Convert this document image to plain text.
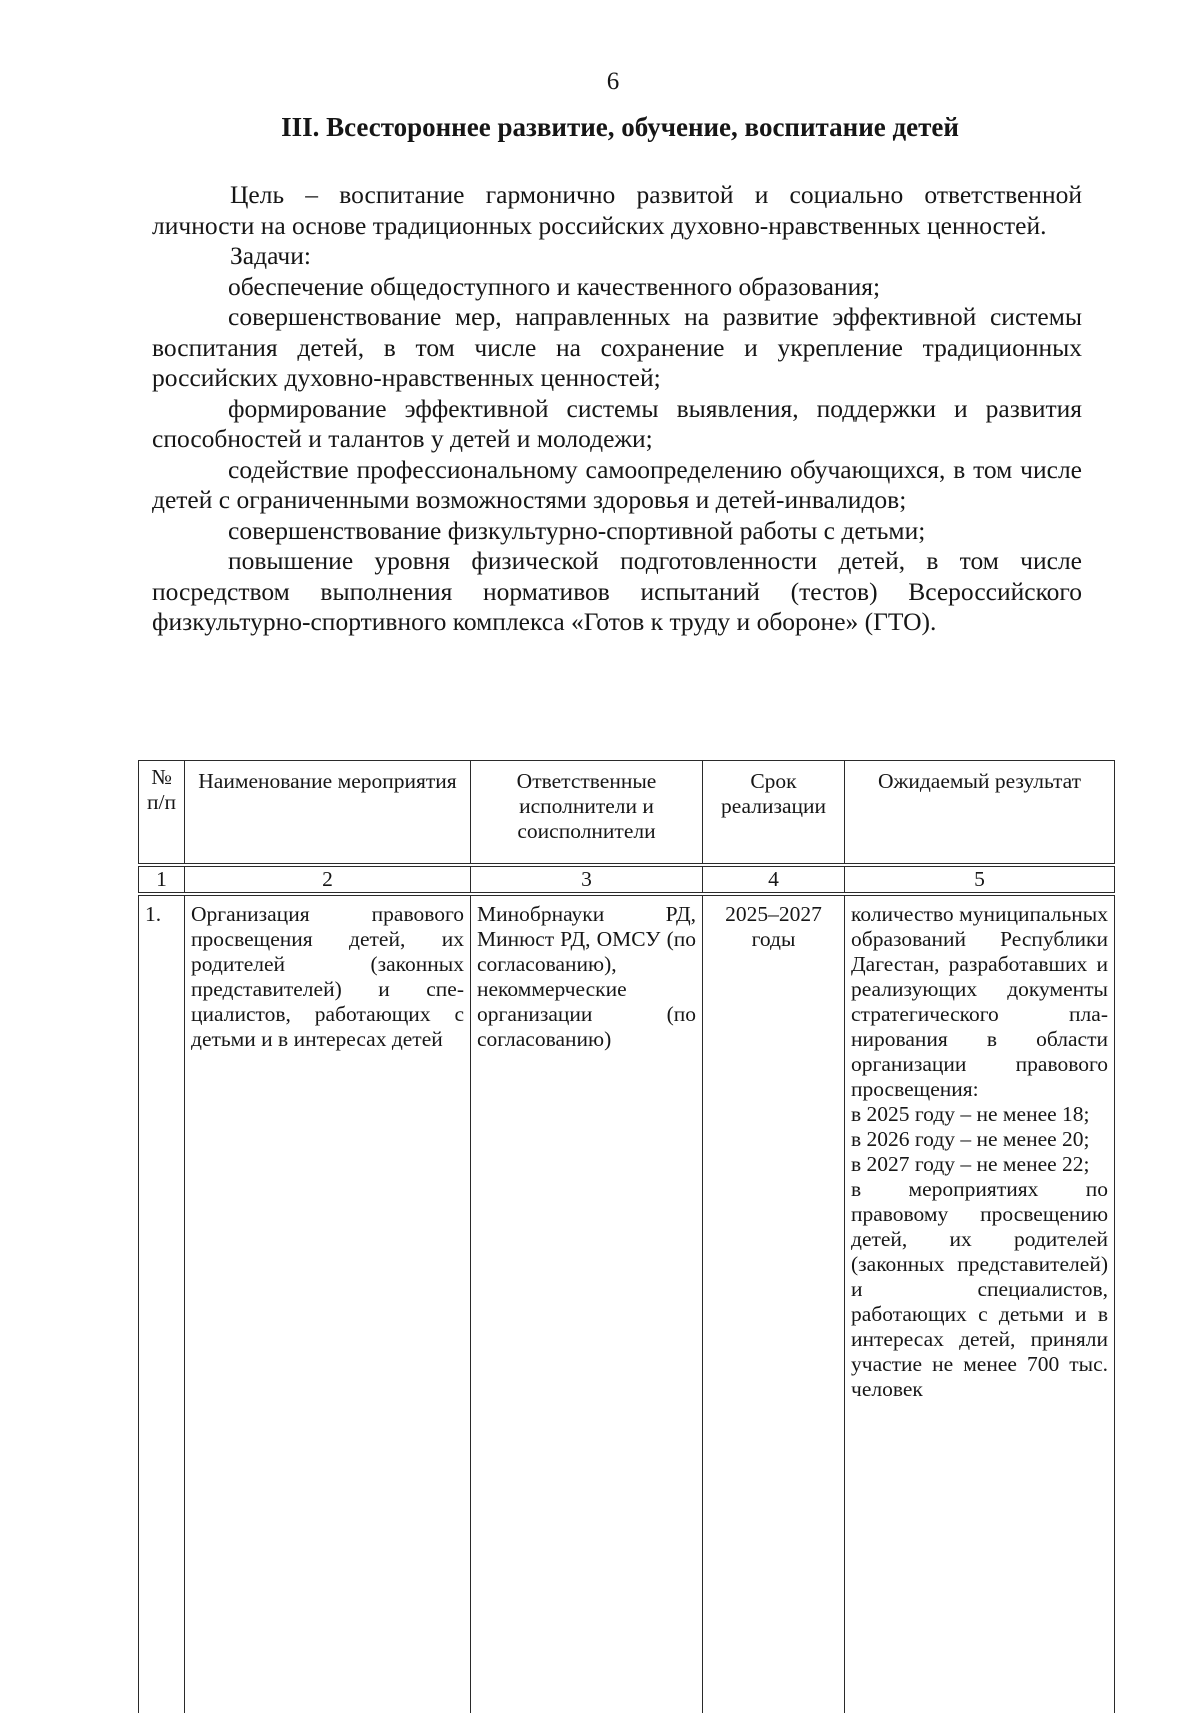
6
III. Всестороннее развитие, обучение, воспитание детей

Цель – воспитание гармонично развитой и социально ответственной личности на основе традиционных российских духовно-нравственных ценностей.

Задачи:

обеспечение общедоступного и качественного образования;

совершенствование мер, направленных на развитие эффективной системы воспитания детей, в том числе на сохранение и укрепление традиционных российских духовно-нравственных ценностей;

формирование эффективной системы выявления, поддержки и развития способностей и талантов у детей и молодежи;

содействие профессиональному самоопределению обучающихся, в том числе детей с ограниченными возможностями здоровья и детей-инвалидов;

совершенствование физкультурно-спортивной работы с детьми;

повышение уровня физической подготовленности детей, в том числе посредством выполнения нормативов испытаний (тестов) Всероссийского физкультурно-спортивного комплекса «Готов к труду и обороне» (ГТО).

№ п/п	Наименование мероприятия	Ответственные исполнители и соисполнители	Срок реализации	Ожидаемый результат
1	2	3	4	5
1.	Организация правового просвещения детей, их родителей (законных представителей) и специалистов, работающих с детьми и в интересах детей	Минобрнауки РД, Минюст РД, ОМСУ (по согласованию), некоммерческие организации (по согласованию)	2025–2027 годы	количество муниципальных образований Республики Дагестан, разработавших и реализующих документы стратегического планирования в области организации правового просвещения:
в 2025 году – не менее 18;
в 2026 году – не менее 20;
в 2027 году – не менее 22;
в мероприятиях по правовому просвещению детей, их родителей (законных представителей) и специалистов, работающих с детьми и в интересах детей, приняли участие не менее 700 тыс. человек
